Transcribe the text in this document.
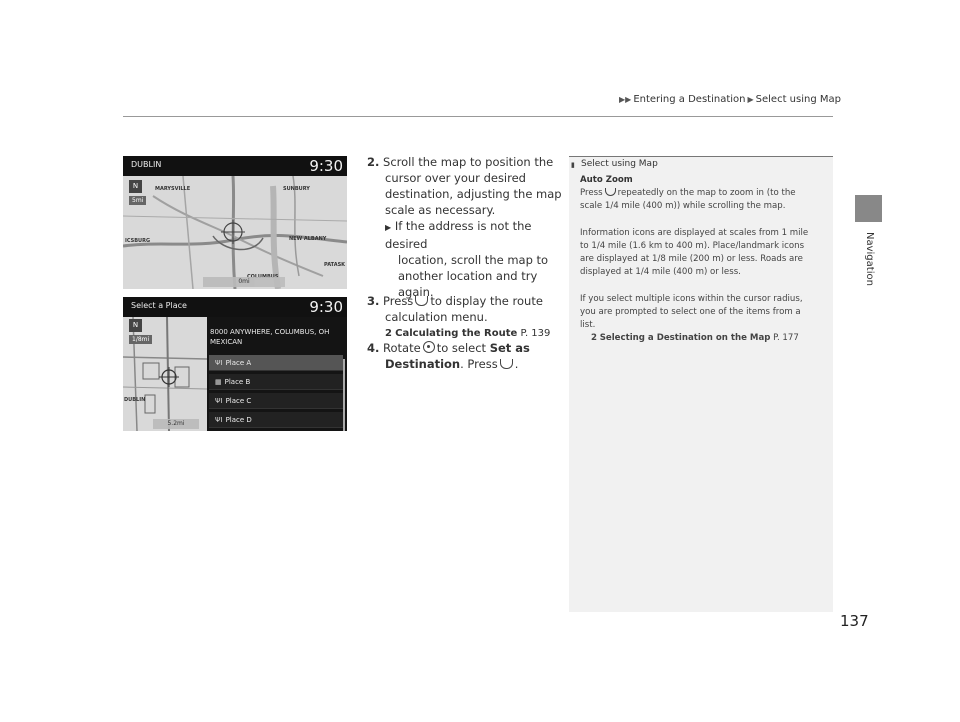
▶▶ Entering a Destination ▶ Select using Map
Navigation
DUBLIN	9:30
N
5mi
MARYSVILLE	SUNBURY
ICSBURG	NEW ALBANY
PATASK
0mi
Select a Place	9:30
N
1/8mi
DUBLIN
5.2mi
8000 ANYWHERE, COLUMBUS, OH
MEXICAN
ΨΙ Place A
▦ Place B
ΨΙ Place C
ΨΙ Place D
2. Scroll the map to position the
cursor over your desired
destination, adjusting the map
scale as necessary.
▶ If the address is not the desired
location, scroll the map to
another location and try again.
3. Press to display the route
calculation menu.
2 Calculating the Route P. 139
4. Rotate to select Set as
Destination. Press .
▮ Select using Map
Auto Zoom
Press repeatedly on the map to zoom in (to the
scale 1/4 mile (400 m)) while scrolling the map.
Information icons are displayed at scales from 1 mile
to 1/4 mile (1.6 km to 400 m). Place/landmark icons
are displayed at 1/8 mile (200 m) or less. Roads are
displayed at 1/4 mile (400 m) or less.
If you select multiple icons within the cursor radius,
you are prompted to select one of the items from a
list.
2 Selecting a Destination on the Map P. 177
137
